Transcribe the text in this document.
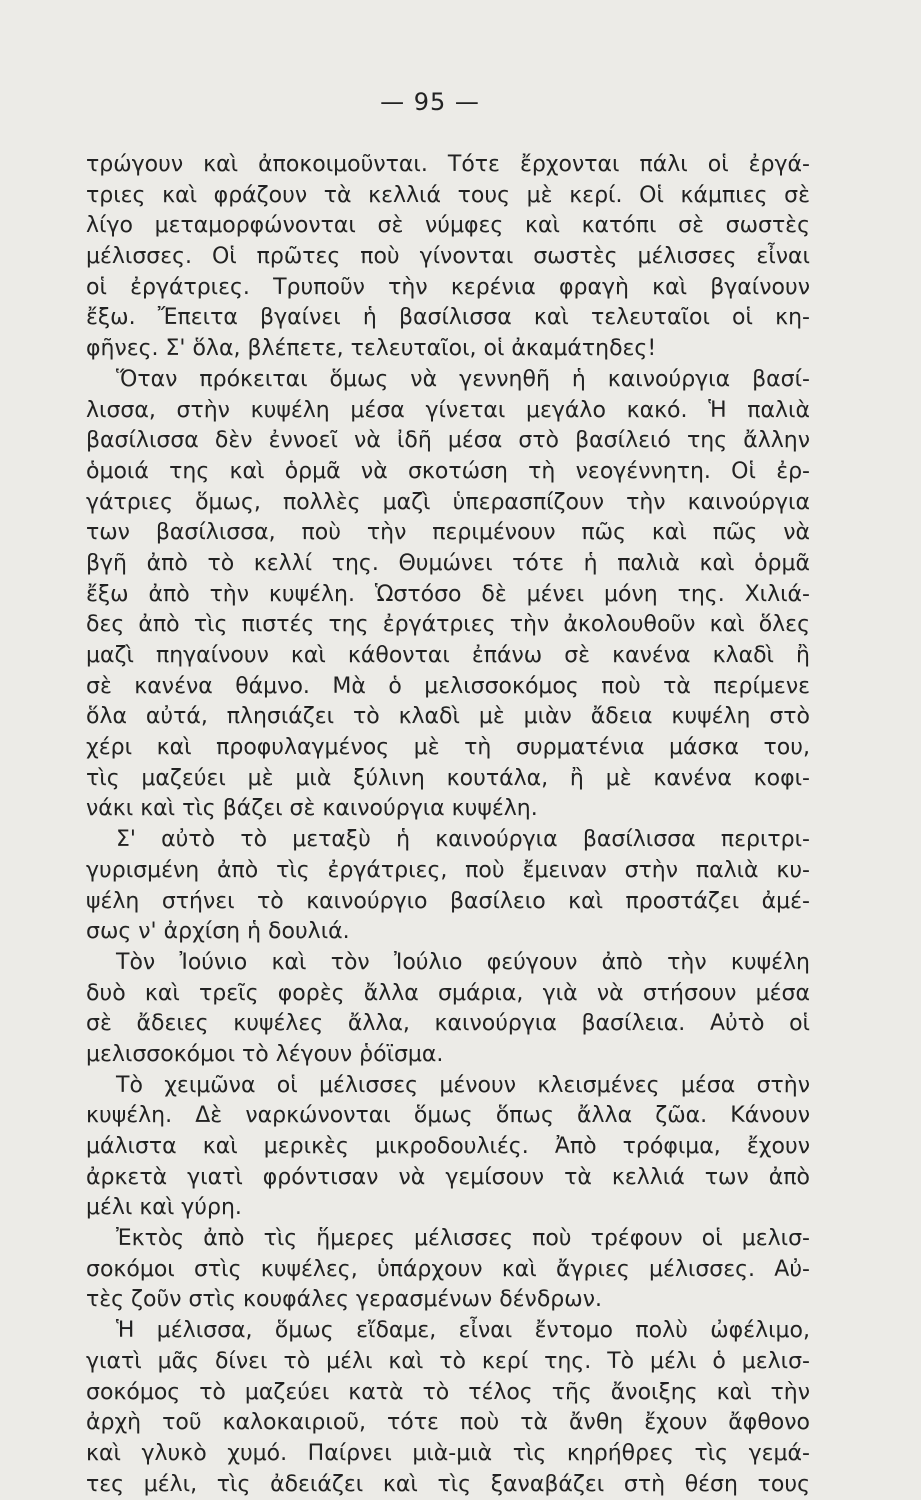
— 95 —
τρώγουν καὶ ἀποκοιμοῦνται. Τότε ἔρχονται πάλι οἱ ἐργά-
τριες καὶ φράζουν τὰ κελλιά τους μὲ κερί. Οἱ κάμπιες σὲ
λίγο μεταμορφώνονται σὲ νύμφες καὶ κατόπι σὲ σωστὲς
μέλισσες. Οἱ πρῶτες ποὺ γίνονται σωστὲς μέλισσες εἶναι
οἱ ἐργάτριες. Τρυποῦν τὴν κερένια φραγὴ καὶ βγαίνουν
ἔξω. Ἔπειτα βγαίνει ἡ βασίλισσα καὶ τελευταῖοι οἱ κη-
φῆνες. Σ' ὅλα, βλέπετε, τελευταῖοι, οἱ ἀκαμάτηδες!
Ὅταν πρόκειται ὅμως νὰ γεννηθῆ ἡ καινούργια βασί-
λισσα, στὴν κυψέλη μέσα γίνεται μεγάλο κακό. Ἡ παλιὰ
βασίλισσα δὲν ἐννοεῖ νὰ ἰδῆ μέσα στὸ βασίλειό της ἄλλην
ὁμοιά της καὶ ὁρμᾶ νὰ σκοτώση τὴ νεογέννητη. Οἱ ἐρ-
γάτριες ὅμως, πολλὲς μαζὶ ὑπερασπίζουν τὴν καινούργια
των βασίλισσα, ποὺ τὴν περιμένουν πῶς καὶ πῶς νὰ
βγῆ ἀπὸ τὸ κελλί της. Θυμώνει τότε ἡ παλιὰ καὶ ὁρμᾶ
ἔξω ἀπὸ τὴν κυψέλη. Ὡστόσο δὲ μένει μόνη της. Χιλιά-
δες ἀπὸ τὶς πιστές της ἐργάτριες τὴν ἀκολουθοῦν καὶ ὅλες
μαζὶ πηγαίνουν καὶ κάθονται ἐπάνω σὲ κανένα κλαδὶ ἢ
σὲ κανένα θάμνο. Μὰ ὁ μελισσοκόμος ποὺ τὰ περίμενε
ὅλα αὐτά, πλησιάζει τὸ κλαδὶ μὲ μιὰν ἄδεια κυψέλη στὸ
χέρι καὶ προφυλαγμένος μὲ τὴ συρματένια μάσκα του,
τὶς μαζεύει μὲ μιὰ ξύλινη κουτάλα, ἢ μὲ κανένα κοφι-
νάκι καὶ τὶς βάζει σὲ καινούργια κυψέλη.
Σ' αὐτὸ τὸ μεταξὺ ἡ καινούργια βασίλισσα περιτρι-
γυρισμένη ἀπὸ τὶς ἐργάτριες, ποὺ ἔμειναν στὴν παλιὰ κυ-
ψέλη στήνει τὸ καινούργιο βασίλειο καὶ προστάζει ἀμέ-
σως ν' ἀρχίση ἡ δουλιά.
Τὸν Ἰούνιο καὶ τὸν Ἰούλιο φεύγουν ἀπὸ τὴν κυψέλη
δυὸ καὶ τρεῖς φορὲς ἄλλα σμάρια, γιὰ νὰ στήσουν μέσα
σὲ ἄδειες κυψέλες ἄλλα, καινούργια βασίλεια. Αὐτὸ οἱ
μελισσοκόμοι τὸ λέγουν ῥόϊσμα.
Τὸ χειμῶνα οἱ μέλισσες μένουν κλεισμένες μέσα στὴν
κυψέλη. Δὲ ναρκώνονται ὅμως ὅπως ἄλλα ζῶα. Κάνουν
μάλιστα καὶ μερικὲς μικροδουλιές. Ἀπὸ τρόφιμα, ἔχουν
ἀρκετὰ γιατὶ φρόντισαν νὰ γεμίσουν τὰ κελλιά των ἀπὸ
μέλι καὶ γύρη.
Ἐκτὸς ἀπὸ τὶς ἥμερες μέλισσες ποὺ τρέφουν οἱ μελισ-
σοκόμοι στὶς κυψέλες, ὑπάρχουν καὶ ἄγριες μέλισσες. Αὐ-
τὲς ζοῦν στὶς κουφάλες γερασμένων δένδρων.
Ἡ μέλισσα, ὅμως εἴδαμε, εἶναι ἔντομο πολὺ ὠφέλιμο,
γιατὶ μᾶς δίνει τὸ μέλι καὶ τὸ κερί της. Τὸ μέλι ὁ μελισ-
σοκόμος τὸ μαζεύει κατὰ τὸ τέλος τῆς ἄνοιξης καὶ τὴν
ἀρχὴ τοῦ καλοκαιριοῦ, τότε ποὺ τὰ ἄνθη ἔχουν ἄφθονο
καὶ γλυκὸ χυμό. Παίρνει μιὰ-μιὰ τὶς κηρήθρες τὶς γεμά-
τες μέλι, τὶς ἀδειάζει καὶ τὶς ξαναβάζει στὴ θέση τους
